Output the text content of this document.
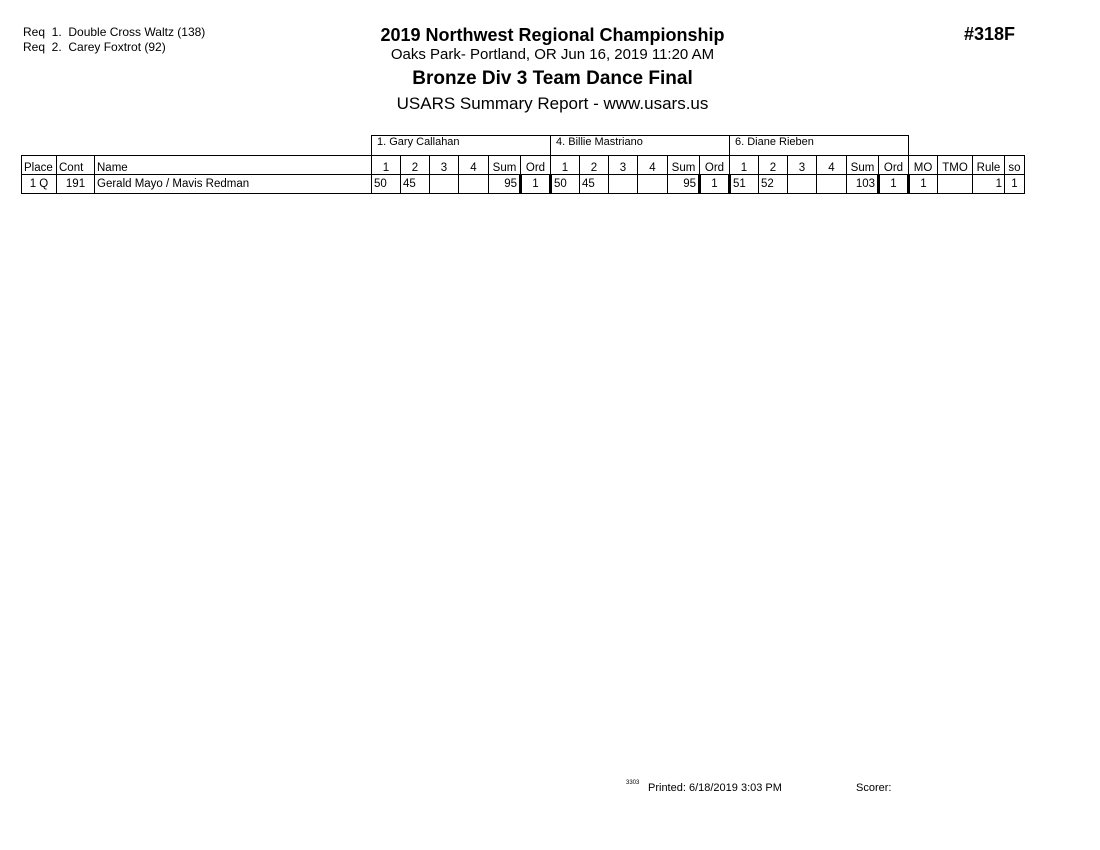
Req  1.  Double Cross Waltz (138)
Req  2.  Carey Foxtrot (92)
2019 Northwest Regional Championship
Oaks Park- Portland, OR Jun 16, 2019 11:20 AM
Bronze Div 3 Team Dance Final
USARS Summary Report - www.usars.us
#318F
			1. Gary Callahan						4. Billie Mastriano						6. Diane Rieben									
Place	Cont	Name	1	2	3	4	Sum	Ord	1	2	3	4	Sum	Ord	1	2	3	4	Sum	Ord	MO	TMO	Rule	so
1 Q	191	Gerald Mayo / Mavis Redman	50	45			95	1	50	45			95	1	51	52			103	1	1		1	1
3303 Printed: 6/18/2019 3:03 PM	Scorer:
